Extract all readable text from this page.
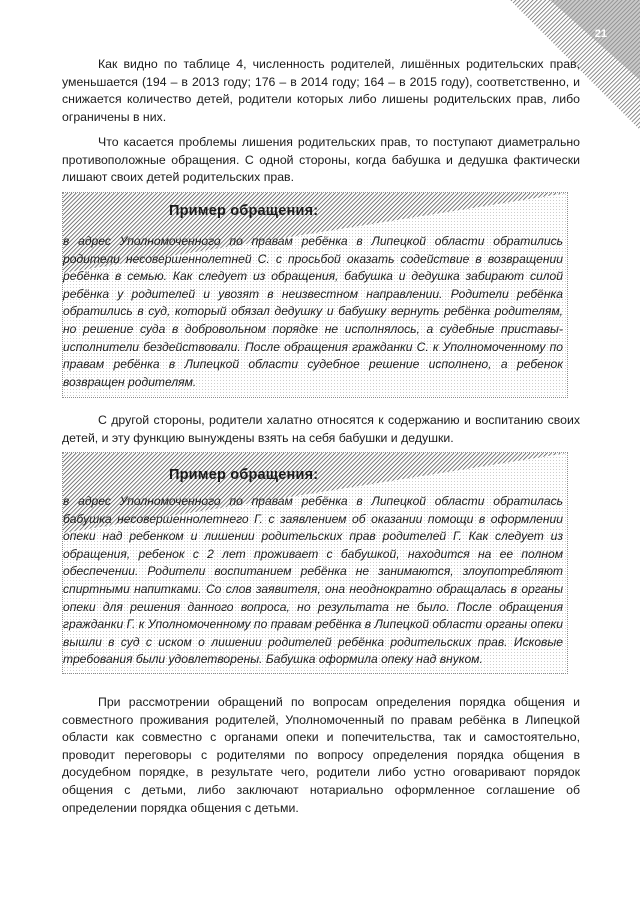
21

Как видно по таблице 4, численность родителей, лишённых родительских прав, уменьшается (194 – в 2013 году; 176 – в 2014 году; 164 – в 2015 году), соответственно, и снижается количество детей, родители которых либо лишены родительских прав, либо ограничены в них.

Что касается проблемы лишения родительских прав, то поступают диаметрально противоположные обращения. С одной стороны, когда бабушка и дедушка фактически лишают своих детей родительских прав.

Пример обращения:

в адрес Уполномоченного по правам ребёнка в Липецкой области обратились родители несовершеннолетней С. с просьбой оказать содействие в возвращении ребёнка в семью. Как следует из обращения, бабушка и дедушка забирают силой ребёнка у родителей и увозят в неизвестном направлении. Родители ребёнка обратились в суд, который обязал дедушку и бабушку вернуть ребёнка родителям, но решение суда в добровольном порядке не исполнялось, а судебные приставы-исполнители бездействовали. После обращения гражданки С. к Уполномоченному по правам ребёнка в Липецкой области судебное решение исполнено, а ребенок возвращен родителям.

С другой стороны, родители халатно относятся к содержанию и воспитанию своих детей, и эту функцию вынуждены взять на себя бабушки и дедушки.

Пример обращения:

в адрес Уполномоченного по правам ребёнка в Липецкой области обратилась бабушка несовершеннолетнего Г. с заявлением об оказании помощи в оформлении опеки над ребенком и лишении родительских прав родителей Г. Как следует из обращения, ребенок с 2 лет проживает с бабушкой, находится на ее полном обеспечении. Родители воспитанием ребёнка не занимаются, злоупотребляют спиртными напитками. Со слов заявителя, она неоднократно обращалась в органы опеки для решения данного вопроса, но результата не было. После обращения гражданки Г. к Уполномоченному по правам ребёнка в Липецкой области органы опеки вышли в суд с иском о лишении родителей ребёнка родительских прав. Исковые требования были удовлетворены. Бабушка оформила опеку над внуком.

При рассмотрении обращений по вопросам определения порядка общения и совместного проживания родителей, Уполномоченный по правам ребёнка в Липецкой области как совместно с органами опеки и попечительства, так и самостоятельно, проводит переговоры с родителями по вопросу определения порядка общения в досудебном порядке, в результате чего, родители либо устно оговаривают порядок общения с детьми, либо заключают нотариально оформленное соглашение об определении порядка общения с детьми.
